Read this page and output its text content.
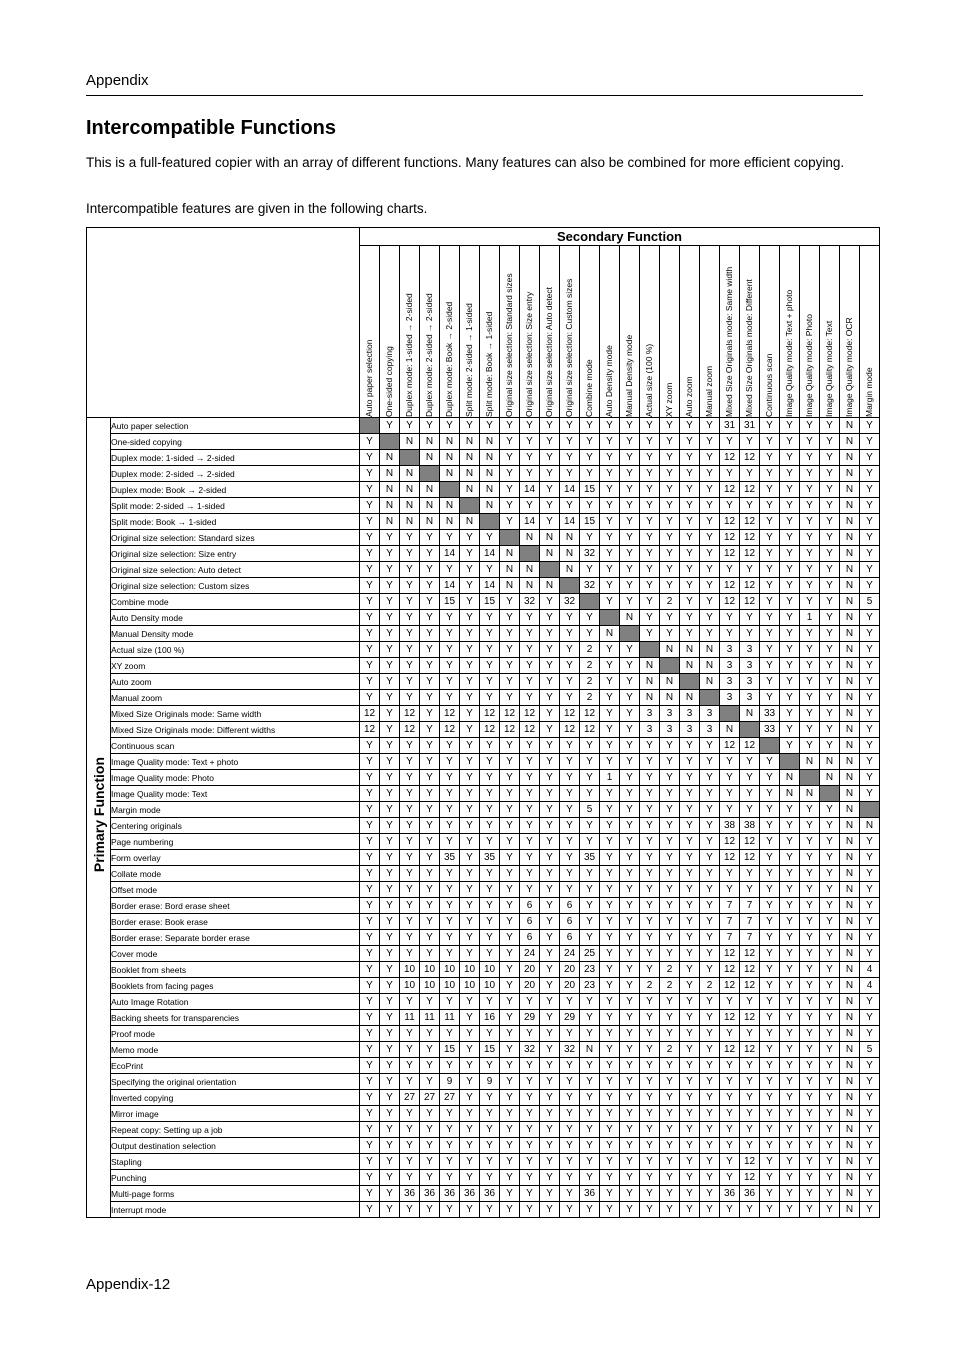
Appendix
Intercompatible Functions

This is a full-featured copier with an array of different functions. Many features can also be combined for more efficient copying.

Intercompatible features are given in the following charts.

		Secondary Function																									

		Auto paper selection	One-sided copying	Duplex mode: 1-sided → 2-sided	Duplex mode: 2-sided → 2-sided	Duplex mode: Book → 2-sided	Split mode: 2-sided → 1-sided	Split mode: Book → 1-sided	Original size selection: Standard sizes	Original size selection: Size entry	Original size selection: Auto detect	Original size selection: Custom sizes	Combine mode	Auto Density mode	Manual Density mode	Actual size (100 %)	XY zoom	Auto zoom	Manual zoom	Mixed Size Originals mode: Same width	Mixed Size Originals mode: Different	Continuous scan	Image Quality mode: Text + photo	Image Quality mode: Photo	Image Quality mode: Text	Image Quality mode: OCR	Margin mode

Primary Function	Auto paper selection		Y	Y	Y	Y	Y	Y	Y	Y	Y	Y	Y	Y	Y	Y	Y	Y	Y	31	31	Y	Y	Y	Y	N	Y
	One-sided copying	Y		N	N	N	N	N	Y	Y	Y	Y	Y	Y	Y	Y	Y	Y	Y	Y	Y	Y	Y	Y	Y	N	Y
	Duplex mode: 1-sided → 2-sided	Y	N		N	N	N	N	Y	Y	Y	Y	Y	Y	Y	Y	Y	Y	Y	12	12	Y	Y	Y	Y	N	Y
	Duplex mode: 2-sided → 2-sided	Y	N	N		N	N	N	Y	Y	Y	Y	Y	Y	Y	Y	Y	Y	Y	Y	Y	Y	Y	Y	Y	N	Y
	Duplex mode: Book → 2-sided	Y	N	N	N		N	N	Y	14	Y	14	15	Y	Y	Y	Y	Y	Y	12	12	Y	Y	Y	Y	N	Y
	Split mode: 2-sided → 1-sided	Y	N	N	N	N		N	Y	Y	Y	Y	Y	Y	Y	Y	Y	Y	Y	Y	Y	Y	Y	Y	Y	N	Y
	Split mode: Book → 1-sided	Y	N	N	N	N	N		Y	14	Y	14	15	Y	Y	Y	Y	Y	Y	12	12	Y	Y	Y	Y	N	Y
	Original size selection: Standard sizes	Y	Y	Y	Y	Y	Y	Y		N	N	N	Y	Y	Y	Y	Y	Y	Y	12	12	Y	Y	Y	Y	N	Y
	Original size selection: Size entry	Y	Y	Y	Y	14	Y	14	N		N	N	32	Y	Y	Y	Y	Y	Y	12	12	Y	Y	Y	Y	N	Y
	Original size selection: Auto detect	Y	Y	Y	Y	Y	Y	Y	N	N		N	Y	Y	Y	Y	Y	Y	Y	Y	Y	Y	Y	Y	Y	N	Y
	Original size selection: Custom sizes	Y	Y	Y	Y	14	Y	14	N	N	N		32	Y	Y	Y	Y	Y	Y	12	12	Y	Y	Y	Y	N	Y
	Combine mode	Y	Y	Y	Y	15	Y	15	Y	32	Y	32		Y	Y	Y	2	Y	Y	12	12	Y	Y	Y	Y	N	5
	Auto Density mode	Y	Y	Y	Y	Y	Y	Y	Y	Y	Y	Y	Y		N	Y	Y	Y	Y	Y	Y	Y	Y	1	Y	N	Y
	Manual Density mode	Y	Y	Y	Y	Y	Y	Y	Y	Y	Y	Y	Y	N		Y	Y	Y	Y	Y	Y	Y	Y	Y	Y	N	Y
	Actual size (100 %)	Y	Y	Y	Y	Y	Y	Y	Y	Y	Y	Y	2	Y	Y		N	N	N	3	3	Y	Y	Y	Y	N	Y
	XY zoom	Y	Y	Y	Y	Y	Y	Y	Y	Y	Y	Y	2	Y	Y	N		N	N	3	3	Y	Y	Y	Y	N	Y
	Auto zoom	Y	Y	Y	Y	Y	Y	Y	Y	Y	Y	Y	2	Y	Y	N	N		N	3	3	Y	Y	Y	Y	N	Y
	Manual zoom	Y	Y	Y	Y	Y	Y	Y	Y	Y	Y	Y	2	Y	Y	N	N	N		3	3	Y	Y	Y	Y	N	Y
	Mixed Size Originals mode: Same width	12	Y	12	Y	12	Y	12	12	12	Y	12	12	Y	Y	3	3	3	3		N	33	Y	Y	Y	N	Y
	Mixed Size Originals mode: Different widths	12	Y	12	Y	12	Y	12	12	12	Y	12	12	Y	Y	3	3	3	3	N		33	Y	Y	Y	N	Y
	Continuous scan	Y	Y	Y	Y	Y	Y	Y	Y	Y	Y	Y	Y	Y	Y	Y	Y	Y	Y	12	12		Y	Y	Y	N	Y
	Image Quality mode: Text + photo	Y	Y	Y	Y	Y	Y	Y	Y	Y	Y	Y	Y	Y	Y	Y	Y	Y	Y	Y	Y	Y		N	N	N	Y
	Image Quality mode: Photo	Y	Y	Y	Y	Y	Y	Y	Y	Y	Y	Y	Y	1	Y	Y	Y	Y	Y	Y	Y	Y	N		N	N	Y
	Image Quality mode: Text	Y	Y	Y	Y	Y	Y	Y	Y	Y	Y	Y	Y	Y	Y	Y	Y	Y	Y	Y	Y	Y	N	N		N	Y
	Margin mode	Y	Y	Y	Y	Y	Y	Y	Y	Y	Y	Y	5	Y	Y	Y	Y	Y	Y	Y	Y	Y	Y	Y	Y	N	
	Centering originals	Y	Y	Y	Y	Y	Y	Y	Y	Y	Y	Y	Y	Y	Y	Y	Y	Y	Y	38	38	Y	Y	Y	Y	N	N
	Page numbering	Y	Y	Y	Y	Y	Y	Y	Y	Y	Y	Y	Y	Y	Y	Y	Y	Y	Y	12	12	Y	Y	Y	Y	N	Y
	Form overlay	Y	Y	Y	Y	35	Y	35	Y	Y	Y	Y	35	Y	Y	Y	Y	Y	Y	12	12	Y	Y	Y	Y	N	Y
	Collate mode	Y	Y	Y	Y	Y	Y	Y	Y	Y	Y	Y	Y	Y	Y	Y	Y	Y	Y	Y	Y	Y	Y	Y	Y	N	Y
	Offset mode	Y	Y	Y	Y	Y	Y	Y	Y	Y	Y	Y	Y	Y	Y	Y	Y	Y	Y	Y	Y	Y	Y	Y	Y	N	Y
	Border erase: Bord erase sheet	Y	Y	Y	Y	Y	Y	Y	Y	6	Y	6	Y	Y	Y	Y	Y	Y	Y	7	7	Y	Y	Y	Y	N	Y
	Border erase: Book erase	Y	Y	Y	Y	Y	Y	Y	Y	6	Y	6	Y	Y	Y	Y	Y	Y	Y	7	7	Y	Y	Y	Y	N	Y
	Border erase: Separate border erase	Y	Y	Y	Y	Y	Y	Y	Y	6	Y	6	Y	Y	Y	Y	Y	Y	Y	7	7	Y	Y	Y	Y	N	Y
	Cover mode	Y	Y	Y	Y	Y	Y	Y	Y	24	Y	24	25	Y	Y	Y	Y	Y	Y	12	12	Y	Y	Y	Y	N	Y
	Booklet from sheets	Y	Y	10	10	10	10	10	Y	20	Y	20	23	Y	Y	Y	2	Y	Y	12	12	Y	Y	Y	Y	N	4
	Booklets from facing pages	Y	Y	10	10	10	10	10	Y	20	Y	20	23	Y	Y	2	2	Y	2	12	12	Y	Y	Y	Y	N	4
	Auto Image Rotation	Y	Y	Y	Y	Y	Y	Y	Y	Y	Y	Y	Y	Y	Y	Y	Y	Y	Y	Y	Y	Y	Y	Y	Y	N	Y
	Backing sheets for transparencies	Y	Y	11	11	11	Y	16	Y	29	Y	29	Y	Y	Y	Y	Y	Y	Y	12	12	Y	Y	Y	Y	N	Y
	Proof mode	Y	Y	Y	Y	Y	Y	Y	Y	Y	Y	Y	Y	Y	Y	Y	Y	Y	Y	Y	Y	Y	Y	Y	Y	N	Y
	Memo mode	Y	Y	Y	Y	15	Y	15	Y	32	Y	32	N	Y	Y	Y	2	Y	Y	12	12	Y	Y	Y	Y	N	5
	EcoPrint	Y	Y	Y	Y	Y	Y	Y	Y	Y	Y	Y	Y	Y	Y	Y	Y	Y	Y	Y	Y	Y	Y	Y	Y	N	Y
	Specifying the original orientation	Y	Y	Y	Y	9	Y	9	Y	Y	Y	Y	Y	Y	Y	Y	Y	Y	Y	Y	Y	Y	Y	Y	Y	N	Y
	Inverted copying	Y	Y	27	27	27	Y	Y	Y	Y	Y	Y	Y	Y	Y	Y	Y	Y	Y	Y	Y	Y	Y	Y	Y	N	Y
	Mirror image	Y	Y	Y	Y	Y	Y	Y	Y	Y	Y	Y	Y	Y	Y	Y	Y	Y	Y	Y	Y	Y	Y	Y	Y	N	Y
	Repeat copy: Setting up a job	Y	Y	Y	Y	Y	Y	Y	Y	Y	Y	Y	Y	Y	Y	Y	Y	Y	Y	Y	Y	Y	Y	Y	Y	N	Y
	Output destination selection	Y	Y	Y	Y	Y	Y	Y	Y	Y	Y	Y	Y	Y	Y	Y	Y	Y	Y	Y	Y	Y	Y	Y	Y	N	Y
	Stapling	Y	Y	Y	Y	Y	Y	Y	Y	Y	Y	Y	Y	Y	Y	Y	Y	Y	Y	Y	12	Y	Y	Y	Y	N	Y
	Punching	Y	Y	Y	Y	Y	Y	Y	Y	Y	Y	Y	Y	Y	Y	Y	Y	Y	Y	Y	12	Y	Y	Y	Y	N	Y
	Multi-page forms	Y	Y	36	36	36	36	36	Y	Y	Y	Y	36	Y	Y	Y	Y	Y	Y	36	36	Y	Y	Y	Y	N	Y
	Interrupt mode	Y	Y	Y	Y	Y	Y	Y	Y	Y	Y	Y	Y	Y	Y	Y	Y	Y	Y	Y	Y	Y	Y	Y	Y	N	Y
Appendix-12
